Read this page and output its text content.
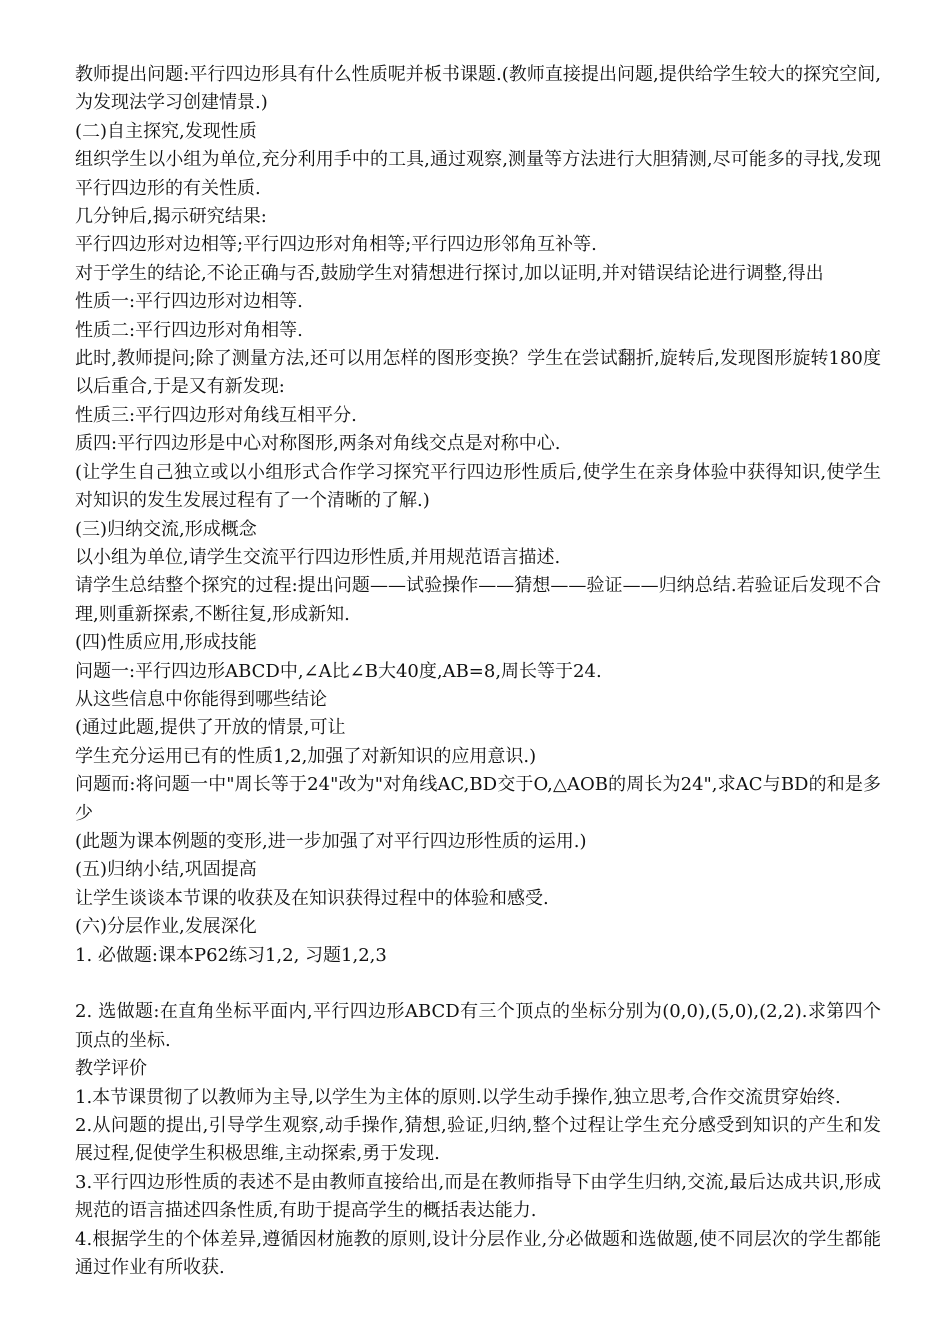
教师提出问题:平行四边形具有什么性质呢并板书课题.(教师直接提出问题,提供给学生较大的探究空间,为发现法学习创建情景.)

(二)自主探究,发现性质

组织学生以小组为单位,充分利用手中的工具,通过观察,测量等方法进行大胆猜测,尽可能多的寻找,发现平行四边形的有关性质.

几分钟后,揭示研究结果:

平行四边形对边相等;平行四边形对角相等;平行四边形邻角互补等.

对于学生的结论,不论正确与否,鼓励学生对猜想进行探讨,加以证明,并对错误结论进行调整,得出

性质一:平行四边形对边相等.

性质二:平行四边形对角相等.

此时,教师提问;除了测量方法,还可以用怎样的图形变换？学生在尝试翻折,旋转后,发现图形旋转180度以后重合,于是又有新发现:

性质三:平行四边形对角线互相平分.

质四:平行四边形是中心对称图形,两条对角线交点是对称中心.

(让学生自己独立或以小组形式合作学习探究平行四边形性质后,使学生在亲身体验中获得知识,使学生对知识的发生发展过程有了一个清晰的了解.)

(三)归纳交流,形成概念

以小组为单位,请学生交流平行四边形性质,并用规范语言描述.

请学生总结整个探究的过程:提出问题——试验操作——猜想——验证——归纳总结.若验证后发现不合理,则重新探索,不断往复,形成新知.

(四)性质应用,形成技能

问题一:平行四边形ABCD中,∠A比∠B大40度,AB=8,周长等于24.

从这些信息中你能得到哪些结论

(通过此题,提供了开放的情景,可让

学生充分运用已有的性质1,2,加强了对新知识的应用意识.)

问题而:将问题一中"周长等于24"改为"对角线AC,BD交于O,△AOB的周长为24",求AC与BD的和是多少

(此题为课本例题的变形,进一步加强了对平行四边形性质的运用.)

(五)归纳小结,巩固提高

让学生谈谈本节课的收获及在知识获得过程中的体验和感受.

(六)分层作业,发展深化

1. 必做题:课本P62练习1,2, 习题1,2,3

2. 选做题:在直角坐标平面内,平行四边形ABCD有三个顶点的坐标分别为(0,0),(5,0),(2,2).求第四个顶点的坐标.

教学评价

1.本节课贯彻了以教师为主导,以学生为主体的原则.以学生动手操作,独立思考,合作交流贯穿始终.

2.从问题的提出,引导学生观察,动手操作,猜想,验证,归纳,整个过程让学生充分感受到知识的产生和发展过程,促使学生积极思维,主动探索,勇于发现.

3.平行四边形性质的表述不是由教师直接给出,而是在教师指导下由学生归纳,交流,最后达成共识,形成规范的语言描述四条性质,有助于提高学生的概括表达能力.

4.根据学生的个体差异,遵循因材施教的原则,设计分层作业,分必做题和选做题,使不同层次的学生都能通过作业有所收获.
